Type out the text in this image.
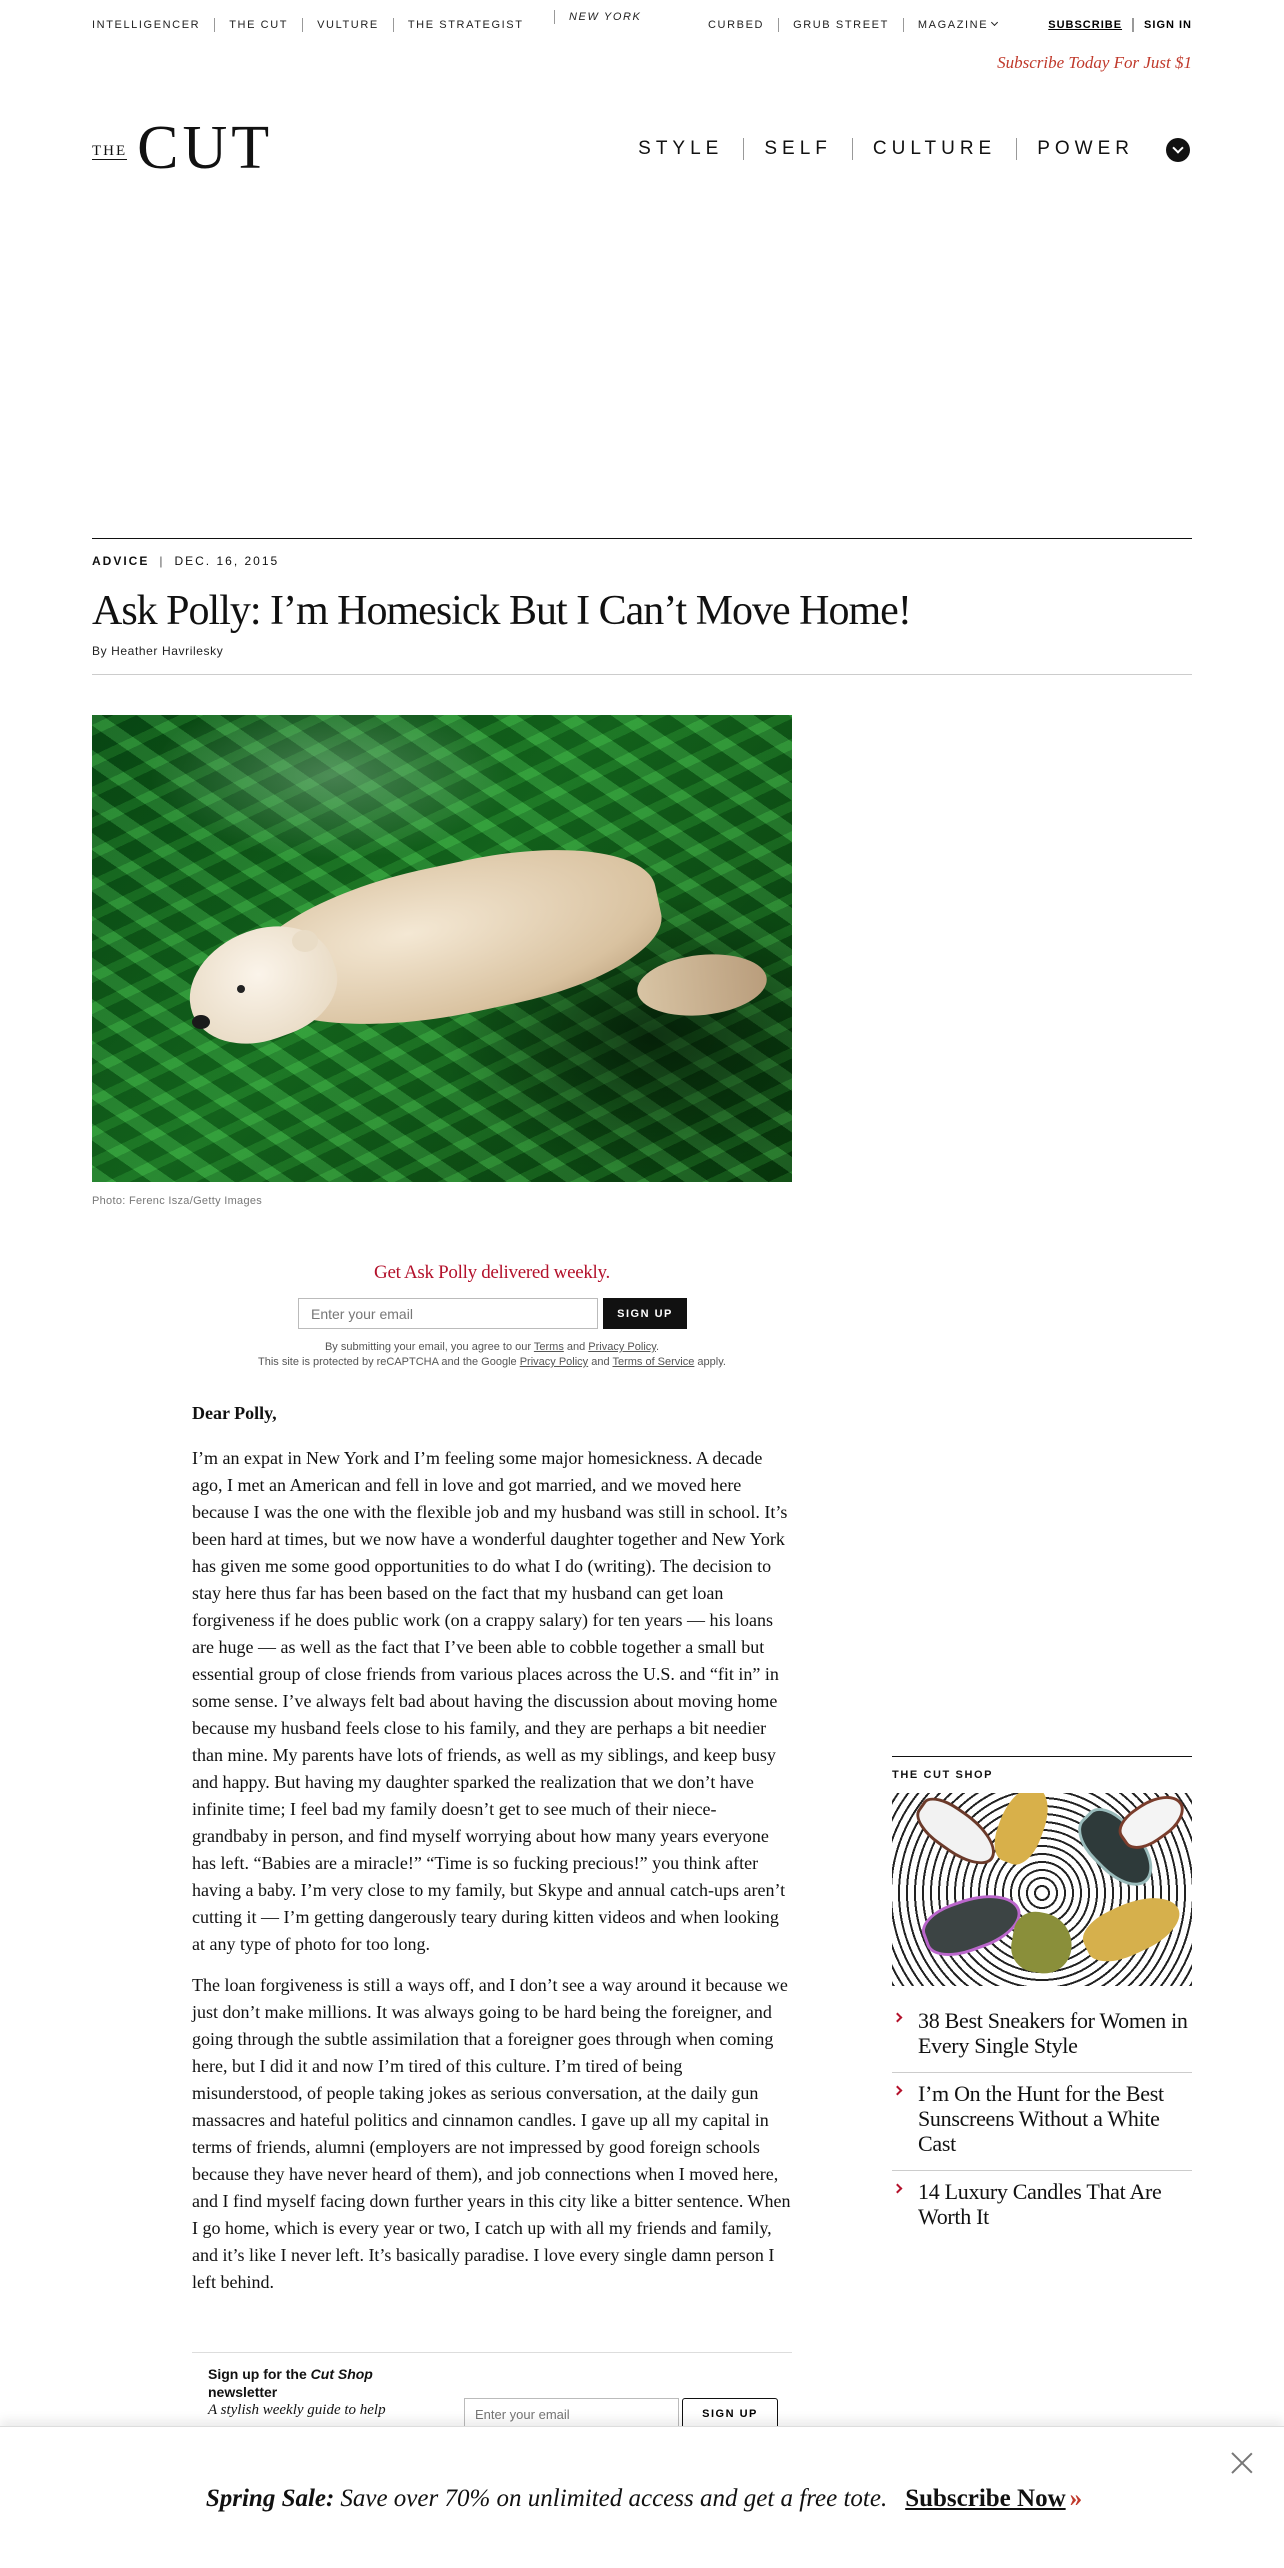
INTELLIGENCER	THE CUT	VULTURE	THE STRATEGIST
NEW YORK
CURBED	GRUB STREET	MAGAZINE	SUBSCRIBE	SIGN IN
Subscribe Today For Just $1
THE CUT	STYLE	SELF	CULTURE	POWER
ADVICE | DEC. 16, 2015
Ask Polly: I’m Homesick But I Can’t Move Home!
By Heather Havrilesky
Photo: Ferenc Isza/Getty Images
Get Ask Polly delivered weekly.
Enter your email
SIGN UP
By submitting your email, you agree to our Terms and Privacy Policy.
This site is protected by reCAPTCHA and the Google Privacy Policy and Terms of Service apply.

Dear Polly,

I’m an expat in New York and I’m feeling some major homesickness. A decade ago, I met an American and fell in love and got married, and we moved here because I was the one with the flexible job and my husband was still in school. It’s been hard at times, but we now have a wonderful daughter together and New York has given me some good opportunities to do what I do (writing). The decision to stay here thus far has been based on the fact that my husband can get loan forgiveness if he does public work (on a crappy salary) for ten years — his loans are huge — as well as the fact that I’ve been able to cobble together a small but essential group of close friends from various places across the U.S. and “fit in” in some sense. I’ve always felt bad about having the discussion about moving home because my husband feels close to his family, and they are perhaps a bit needier than mine. My parents have lots of friends, as well as my siblings, and keep busy and happy. But having my daughter sparked the realization that we don’t have infinite time; I feel bad my family doesn’t get to see much of their niece-grandbaby in person, and find myself worrying about how many years everyone has left. “Babies are a miracle!” “Time is so fucking precious!” you think after having a baby. I’m very close to my family, but Skype and annual catch-ups aren’t cutting it — I’m getting dangerously teary during kitten videos and when looking at any type of photo for too long.

The loan forgiveness is still a ways off, and I don’t see a way around it because we just don’t make millions. It was always going to be hard being the foreigner, and going through the subtle assimilation that a foreigner goes through when coming here, but I did it and now I’m tired of this culture. I’m tired of being misunderstood, of people taking jokes as serious conversation, at the daily gun massacres and hateful politics and cinnamon candles. I gave up all my capital in terms of friends, alumni (employers are not impressed by good foreign schools because they have never heard of them), and job connections when I moved here, and I find myself facing down further years in this city like a bitter sentence. When I go home, which is every year or two, I catch up with all my friends and family, and it’s like I never left. It’s basically paradise. I love every single damn person I left behind.

Sign up for the Cut Shop newsletter
A stylish weekly guide to help
Enter your email	SIGN UP
THE CUT SHOP
38 Best Sneakers for Women in Every Single Style
I’m On the Hunt for the Best Sunscreens Without a White Cast
14 Luxury Candles That Are Worth It
Spring Sale: Save over 70% on unlimited access and get a free tote. Subscribe Now »
